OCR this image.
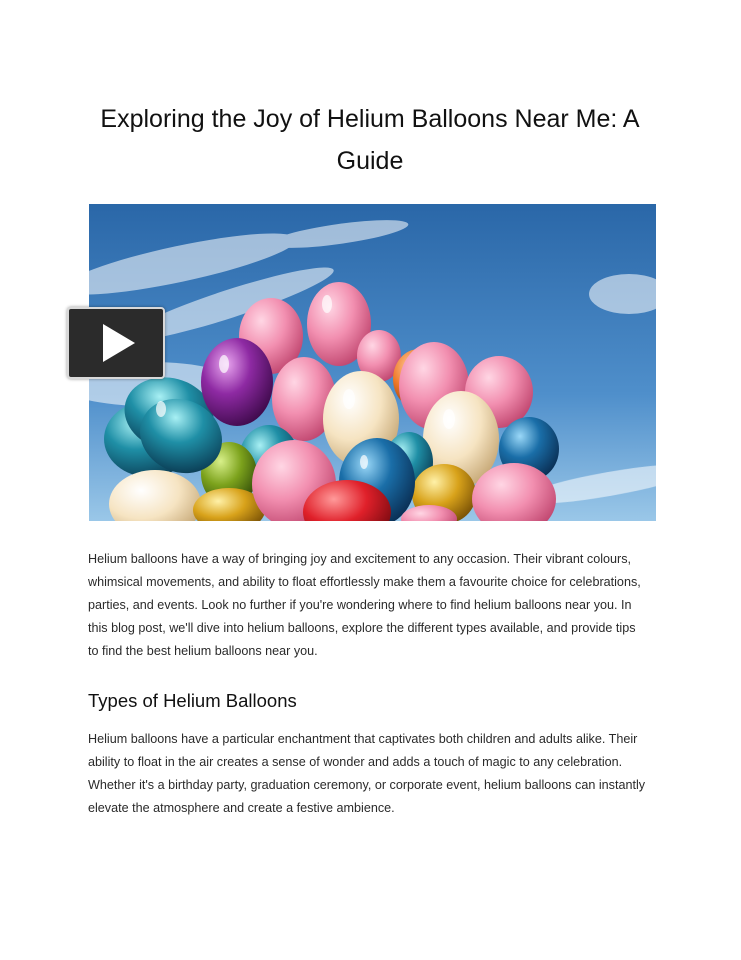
Exploring the Joy of Helium Balloons Near Me: A
Guide

Helium balloons have a way of bringing joy and excitement to any occasion. Their vibrant colours, whimsical movements, and ability to float effortlessly make them a favourite choice for celebrations, parties, and events. Look no further if you're wondering where to find helium balloons near you. In this blog post, we'll dive into helium balloons, explore the different types available, and provide tips to find the best helium balloons near you.

Types of Helium Balloons

Helium balloons have a particular enchantment that captivates both children and adults alike. Their ability to float in the air creates a sense of wonder and adds a touch of magic to any celebration. Whether it's a birthday party, graduation ceremony, or corporate event, helium balloons can instantly elevate the atmosphere and create a festive ambience.
